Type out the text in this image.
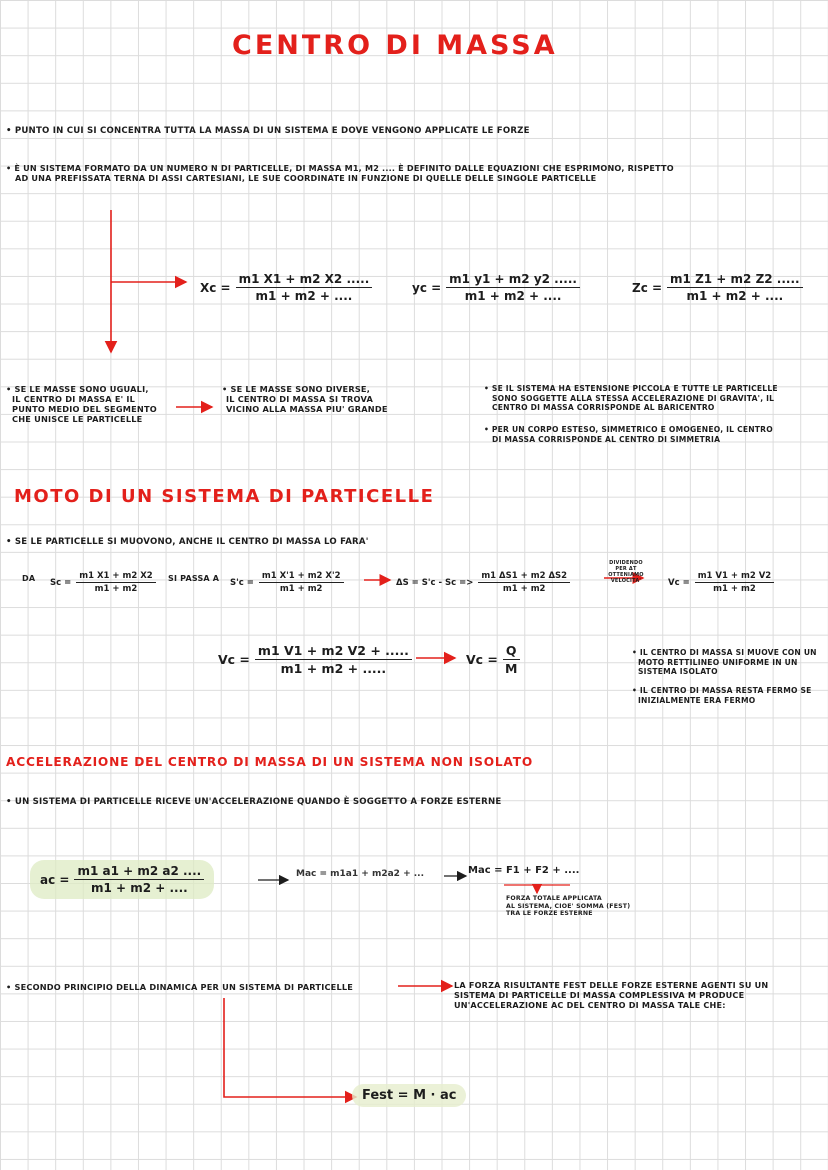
CENTRO DI MASSA
• PUNTO IN CUI SI CONCENTRA TUTTA LA MASSA DI UN SISTEMA E DOVE VENGONO APPLICATE LE FORZE
• È UN SISTEMA FORMATO DA UN NUMERO N DI PARTICELLE, DI MASSA M1, M2 .... È DEFINITO DALLE EQUAZIONI CHE ESPRIMONO, RISPETTO
AD UNA PREFISSATA TERNA DI ASSI CARTESIANI, LE SUE COORDINATE IN FUNZIONE DI QUELLE DELLE SINGOLE PARTICELLE
$Xc = \frac{m1 X1 + m2 X2 .....}{m1 + m2 + ....}$	yc = $\frac{m1 y1 + m2 y2 .....}{m1 + m2 + ....}$	$Zc = \frac{m1 Z1 + m2 Z2 .....}{m1 + m2 + ....}$
• SE LE MASSE SONO UGUALI,
IL CENTRO DI MASSA E' IL
PUNTO MEDIO DEL SEGMENTO
CHE UNISCE LE PARTICELLE
• SE LE MASSE SONO DIVERSE,
IL CENTRO DI MASSA SI TROVA
VICINO ALLA MASSA PIU' GRANDE
• SE IL SISTEMA HA ESTENSIONE PICCOLA E TUTTE LE PARTICELLE
SONO SOGGETTE ALLA STESSA ACCELERAZIONE DI GRAVITA', IL
CENTRO DI MASSA CORRISPONDE AL BARICENTRO
• PER UN CORPO ESTESO, SIMMETRICO E OMOGENEO, IL CENTRO
DI MASSA CORRISPONDE AL CENTRO DI SIMMETRIA
MOTO DI UN SISTEMA DI PARTICELLE
• SE LE PARTICELLE SI MUOVONO, ANCHE IL CENTRO DI MASSA LO FARA'
DA $Sc = \frac{m1 X1 + m2 X2}{m1 + m2}$ SI PASSA A $S'c = \frac{m1 X'1 + m2 X'2}{m1 + m2}$	$\Delta S = S'c - Sc => \frac{m1 \Delta S1 + m2 \Delta S2}{m1 + m2}$
DIVIDENDO PER ΔT OTTENIAMO VELOCITA'	$Vc = \frac{m1 V1 + m2 V2}{m1 + m2}$
$Vc = \frac{m1 V1 + m2 V2 + .....}{m1 + m2 + .....}$	$Vc = \frac{Q}{M}$	• IL CENTRO DI MASSA SI MUOVE CON UN
MOTO RETTILINEO UNIFORME IN UN
SISTEMA ISOLATO
• IL CENTRO DI MASSA RESTA FERMO SE
INIZIALMENTE ERA FERMO
ACCELERAZIONE DEL CENTRO DI MASSA DI UN SISTEMA NON ISOLATO
• UN SISTEMA DI PARTICELLE RICEVE UN'ACCELERAZIONE QUANDO È SOGGETTO A FORZE ESTERNE
ac = $\frac{m1 a1 + m2 a2 ....}{m1 + m2 + ....}$	Mac = m1a1 + m2a2 + ...	Mac = F1 + F2 + ....
FORZA TOTALE APPLICATA
AL SISTEMA, CIOE' SOMMA (FEST)
TRA LE FORZE ESTERNE
• SECONDO PRINCIPIO DELLA DINAMICA PER UN SISTEMA DI PARTICELLE	LA FORZA RISULTANTE FEST DELLE FORZE ESTERNE AGENTI SU UN
SISTEMA DI PARTICELLE DI MASSA COMPLESSIVA M PRODUCE
UN'ACCELERAZIONE AC DEL CENTRO DI MASSA TALE CHE:
Fest = M · ac
